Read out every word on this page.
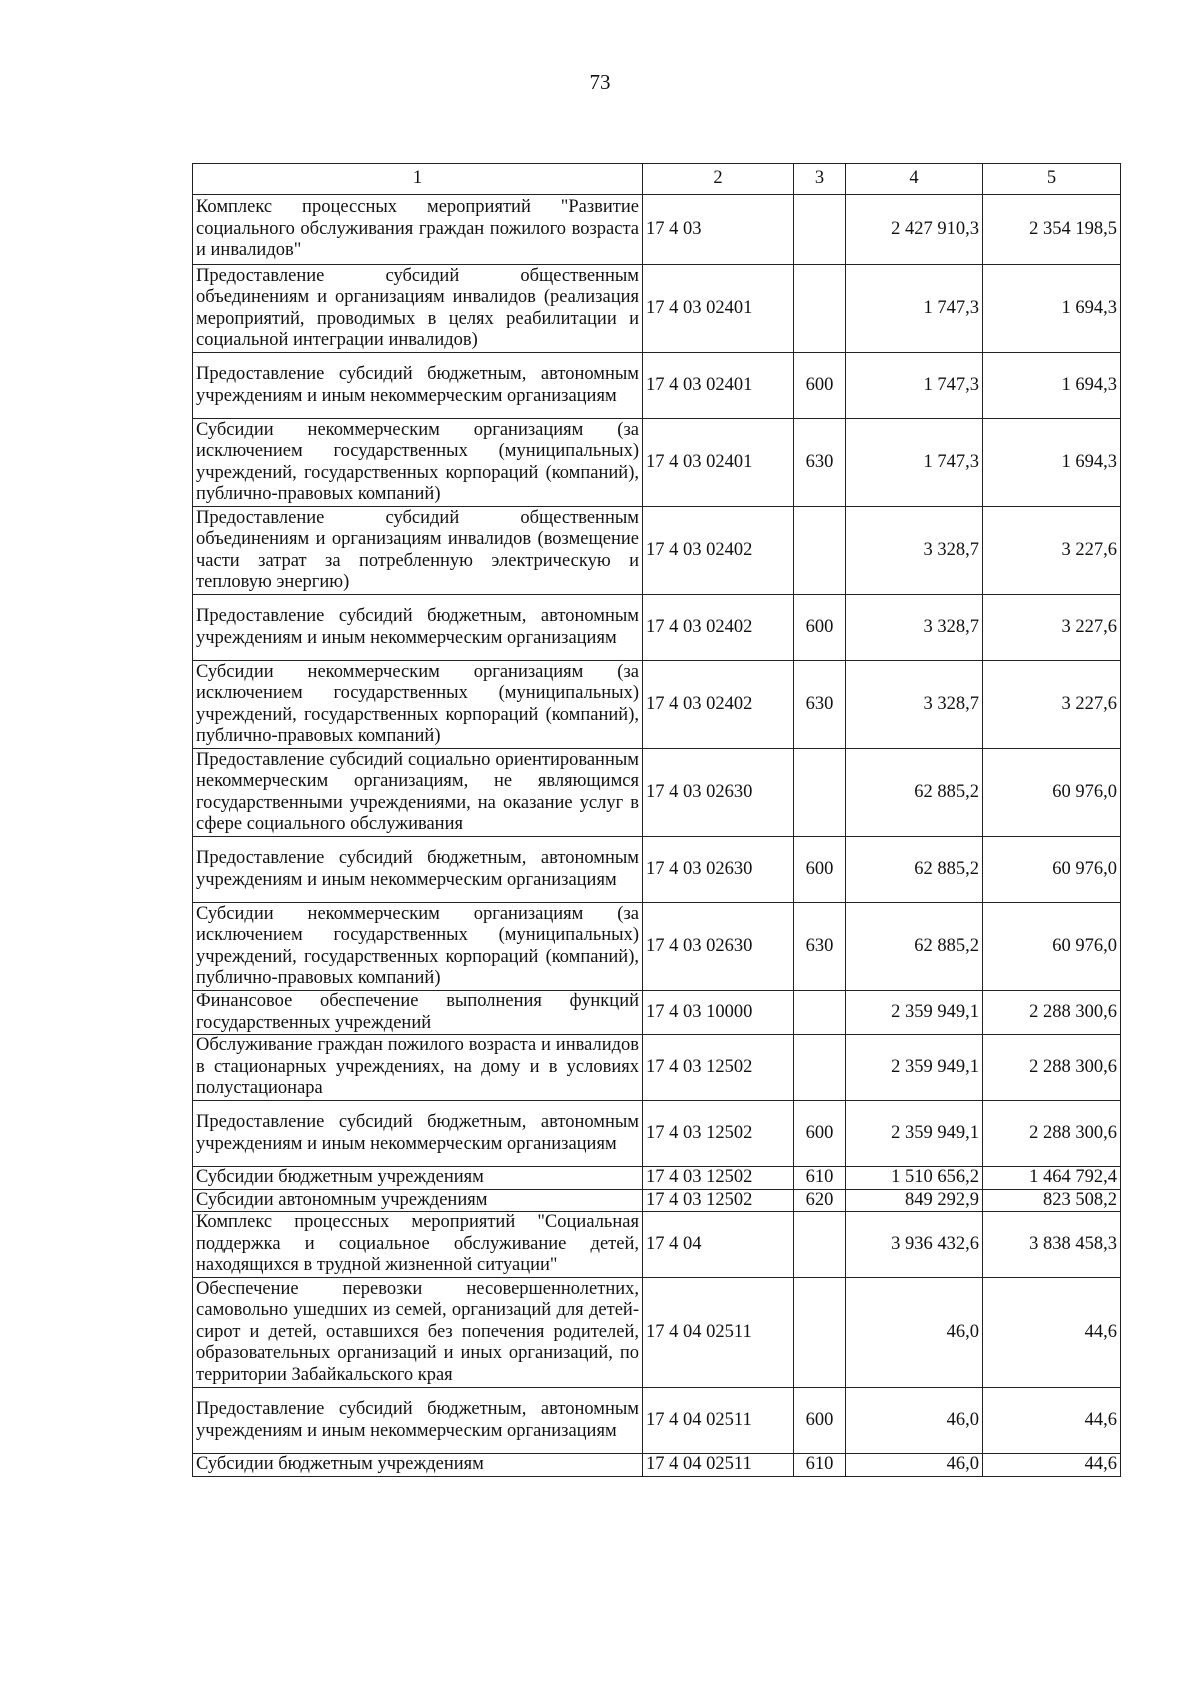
73
1	2	3	4	5
Комплекс процессных мероприятий "Развитие социального обслуживания граждан пожилого возраста и инвалидов"	17 4 03		2 427 910,3	2 354 198,5
Предоставление субсидий общественным объединениям и организациям инвалидов (реализация мероприятий, проводимых в целях реабилитации и социальной интеграции инвалидов)	17 4 03 02401		1 747,3	1 694,3
Предоставление субсидий бюджетным, автономным учреждениям и иным некоммерческим организациям	17 4 03 02401	600	1 747,3	1 694,3
Субсидии некоммерческим организациям (за исключением государственных (муниципальных) учреждений, государственных корпораций (компаний), публично-правовых компаний)	17 4 03 02401	630	1 747,3	1 694,3
Предоставление субсидий общественным объединениям и организациям инвалидов (возмещение части затрат за потребленную электрическую и тепловую энергию)	17 4 03 02402		3 328,7	3 227,6
Предоставление субсидий бюджетным, автономным учреждениям и иным некоммерческим организациям	17 4 03 02402	600	3 328,7	3 227,6
Субсидии некоммерческим организациям (за исключением государственных (муниципальных) учреждений, государственных корпораций (компаний), публично-правовых компаний)	17 4 03 02402	630	3 328,7	3 227,6
Предоставление субсидий социально ориентированным некоммерческим организациям, не являющимся государственными учреждениями, на оказание услуг в сфере социального обслуживания	17 4 03 02630		62 885,2	60 976,0
Предоставление субсидий бюджетным, автономным учреждениям и иным некоммерческим организациям	17 4 03 02630	600	62 885,2	60 976,0
Субсидии некоммерческим организациям (за исключением государственных (муниципальных) учреждений, государственных корпораций (компаний), публично-правовых компаний)	17 4 03 02630	630	62 885,2	60 976,0
Финансовое обеспечение выполнения функций государственных учреждений	17 4 03 10000		2 359 949,1	2 288 300,6
Обслуживание граждан пожилого возраста и инвалидов в стационарных учреждениях, на дому и в условиях полустационара	17 4 03 12502		2 359 949,1	2 288 300,6
Предоставление субсидий бюджетным, автономным учреждениям и иным некоммерческим организациям	17 4 03 12502	600	2 359 949,1	2 288 300,6
Субсидии бюджетным учреждениям	17 4 03 12502	610	1 510 656,2	1 464 792,4
Субсидии автономным учреждениям	17 4 03 12502	620	849 292,9	823 508,2
Комплекс процессных мероприятий "Социальная поддержка и социальное обслуживание детей, находящихся в трудной жизненной ситуации"	17 4 04		3 936 432,6	3 838 458,3
Обеспечение перевозки несовершеннолетних, самовольно ушедших из семей, организаций для детей-сирот и детей, оставшихся без попечения родителей, образовательных организаций и иных организаций, по территории Забайкальского края	17 4 04 02511		46,0	44,6
Предоставление субсидий бюджетным, автономным учреждениям и иным некоммерческим организациям	17 4 04 02511	600	46,0	44,6
Субсидии бюджетным учреждениям	17 4 04 02511	610	46,0	44,6
